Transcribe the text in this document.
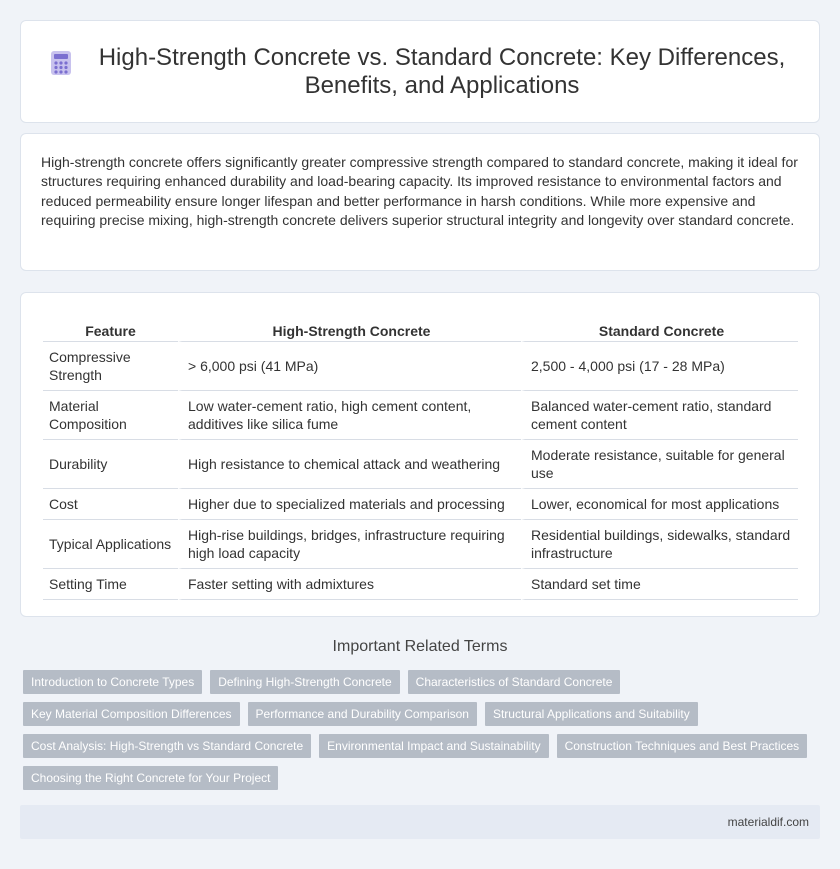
High-Strength Concrete vs. Standard Concrete: Key Differences, Benefits, and Applications

High-strength concrete offers significantly greater compressive strength compared to standard concrete, making it ideal for structures requiring enhanced durability and load-bearing capacity. Its improved resistance to environmental factors and reduced permeability ensure longer lifespan and better performance in harsh conditions. While more expensive and requiring precise mixing, high-strength concrete delivers superior structural integrity and longevity over standard concrete.

Feature	High-Strength Concrete	Standard Concrete
Compressive Strength	> 6,000 psi (41 MPa)	2,500 - 4,000 psi (17 - 28 MPa)
Material Composition	Low water-cement ratio, high cement content, additives like silica fume	Balanced water-cement ratio, standard cement content
Durability	High resistance to chemical attack and weathering	Moderate resistance, suitable for general use
Cost	Higher due to specialized materials and processing	Lower, economical for most applications
Typical Applications	High-rise buildings, bridges, infrastructure requiring high load capacity	Residential buildings, sidewalks, standard infrastructure
Setting Time	Faster setting with admixtures	Standard set time
Important Related Terms
Introduction to Concrete Types	Defining High-Strength Concrete	Characteristics of Standard Concrete
Key Material Composition Differences	Performance and Durability Comparison	Structural Applications and Suitability
Cost Analysis: High-Strength vs Standard Concrete	Environmental Impact and Sustainability	Construction Techniques and Best Practices
Choosing the Right Concrete for Your Project
materialdif.com
